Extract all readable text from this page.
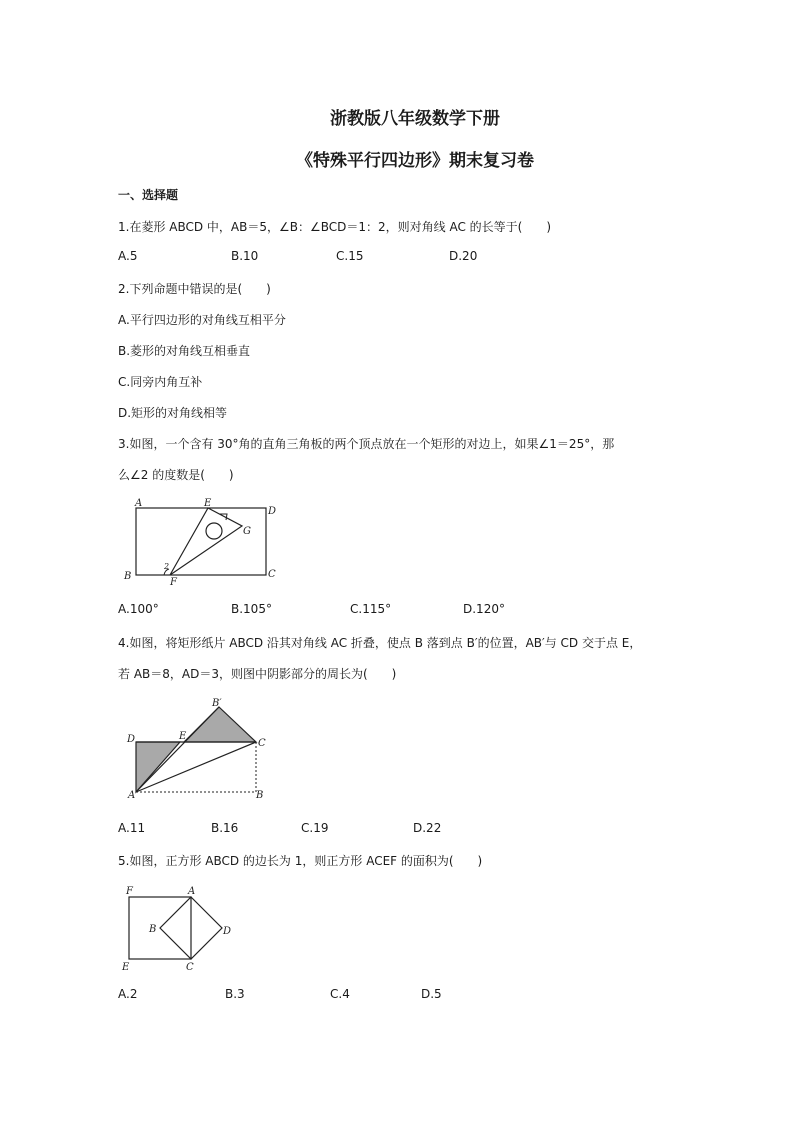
浙教版八年级数学下册
《特殊平行四边形》期末复习卷
一、选择题
1.在菱形 ABCD 中，AB＝5，∠B：∠BCD＝1：2，则对角线 AC 的长等于(　　)
A.5	B.10	C.15	D.20
2.下列命题中错误的是(　　)
A.平行四边形的对角线互相平分
B.菱形的对角线互相垂直
C.同旁内角互补
D.矩形的对角线相等
3.如图，一个含有 30°角的直角三角板的两个顶点放在一个矩形的对边上，如果∠1＝25°，那
么∠2 的度数是(　　)
A	E
D
G
B
F
C
2
A.100°	B.105°	C.115°	D.120°
4.如图，将矩形纸片 ABCD 沿其对角线 AC 折叠，使点 B 落到点 B′的位置，AB′与 CD 交于点 E，
若 AB＝8，AD＝3，则图中阴影部分的周长为(　　)
B′
D	E
C
A	B
A.11	B.16	C.19	D.22
5.如图，正方形 ABCD 的边长为 1，则正方形 ACEF 的面积为(　　)
F	A
B	D
E	C
A.2	B.3	C.4	D.5
